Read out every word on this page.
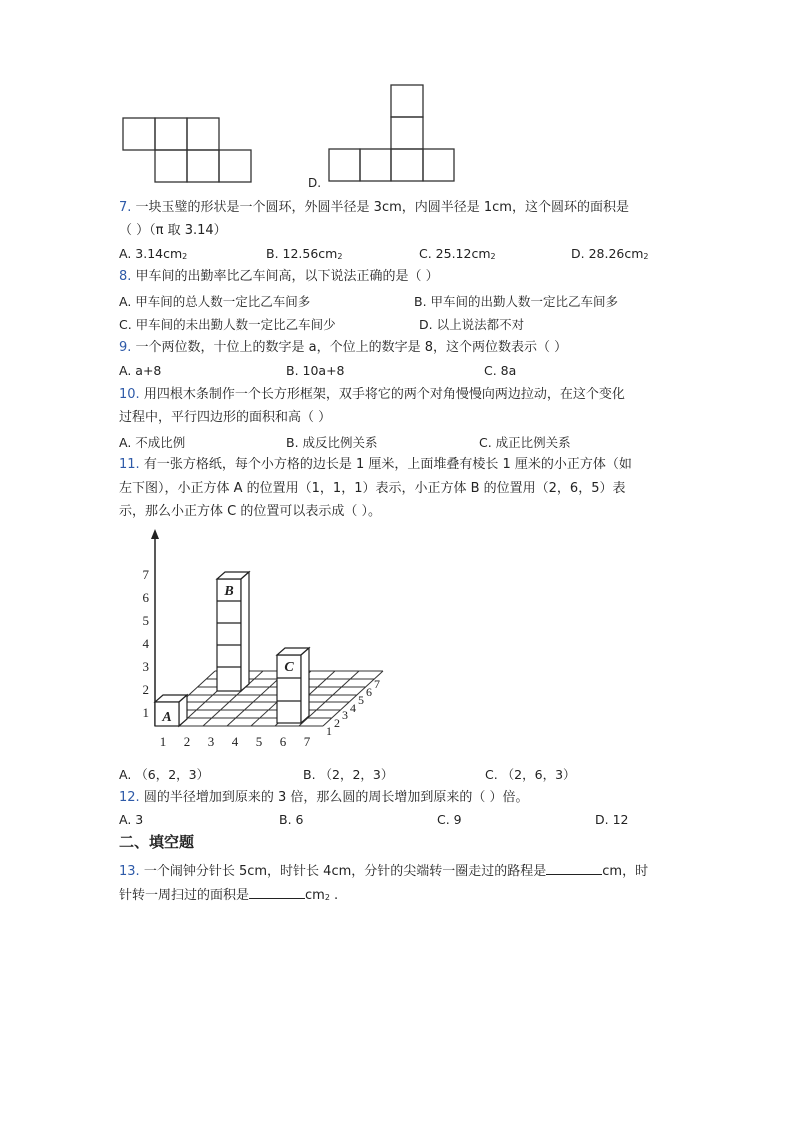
D.
7. 一块玉璧的形状是一个圆环，外圆半径是 3cm，内圆半径是 1cm，这个圆环的面积是
（ ）（π 取 3.14）
A. $3.14cm^2$	B. $12.56cm^2$	C. $25.12cm^2$	D. $28.26cm^2$
8. 甲车间的出勤率比乙车间高，以下说法正确的是（ ）
A. 甲车间的总人数一定比乙车间多	B. 甲车间的出勤人数一定比乙车间多
C. 甲车间的未出勤人数一定比乙车间少	D. 以上说法都不对
9. 一个两位数，十位上的数字是 a，个位上的数字是 8，这个两位数表示（ ）
A. a+8	B. 10a+8	C. 8a
10. 用四根木条制作一个长方形框架，双手将它的两个对角慢慢向两边拉动，在这个变化
过程中，平行四边形的面积和高（ ）
A. 不成比例	B. 成反比例关系	C. 成正比例关系
11. 有一张方格纸，每个小方格的边长是 1 厘米，上面堆叠有棱长 1 厘米的小正方体（如
左下图），小正方体 A 的位置用（1，1，1）表示，小正方体 B 的位置用（2，6，5）表
示，那么小正方体 C 的位置可以表示成（ ）。
A
B
C
1
2
3
4
5
6
7
1 2 3 4 5 6 7
1
2
3 4
5
6
7
A. （6，2，3）	B. （2，2，3）	C. （2，6，3）
12. 圆的半径增加到原来的 3 倍，那么圆的周长增加到原来的（ ）倍。
A. 3	B. 6	C. 9	D. 12
二、填空题
13. 一个闹钟分针长 5cm，时针长 4cm，分针的尖端转一圈走过的路程是	cm，时
针转一周扫过的面积是	$cm^2$ .
